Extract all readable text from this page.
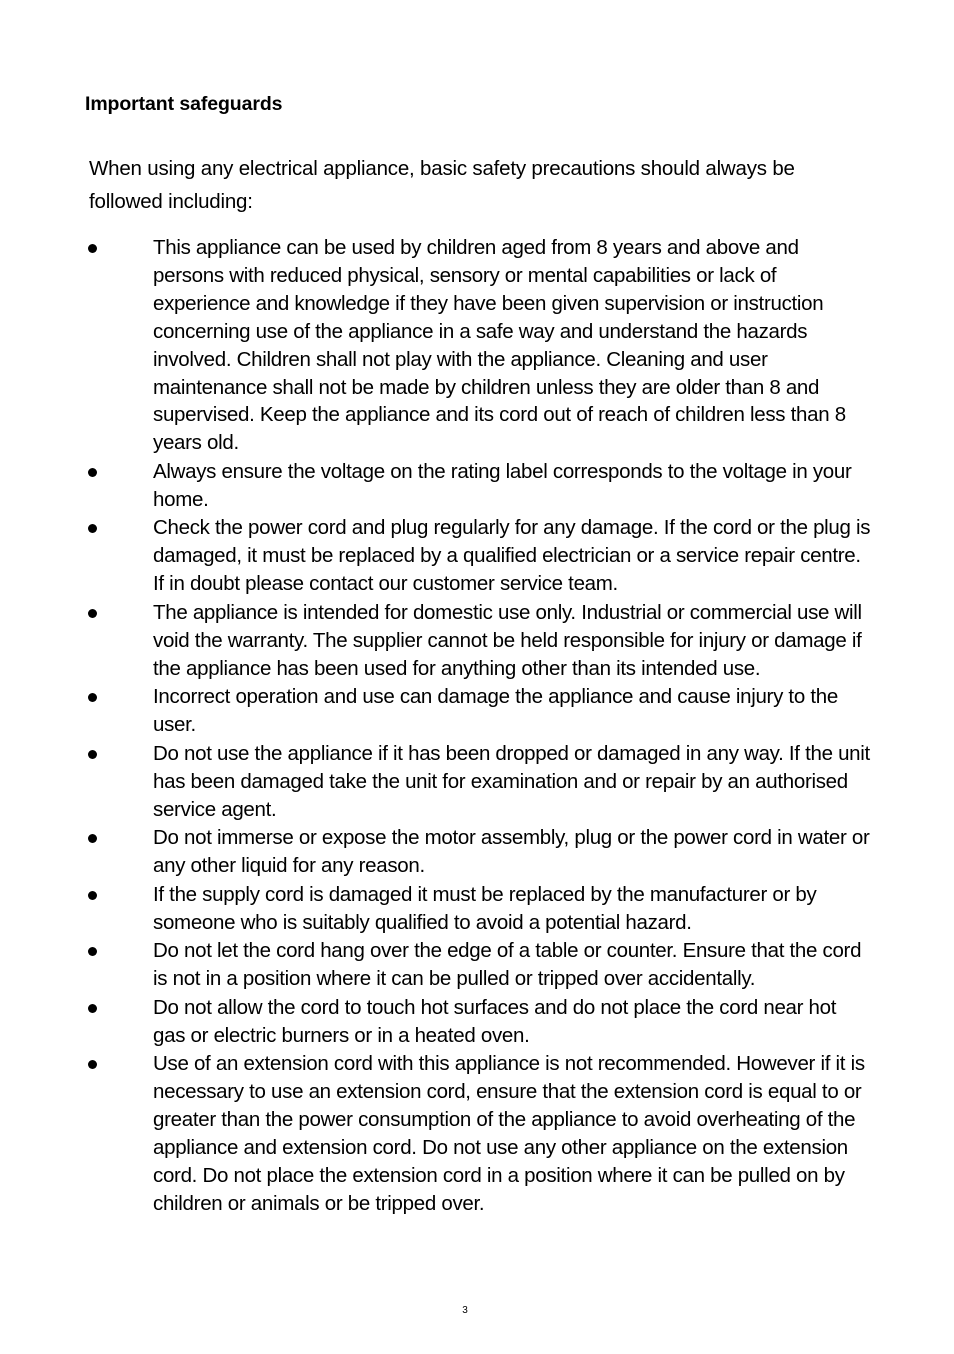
Important safeguards

When using any electrical appliance, basic safety precautions should always be followed including:

This appliance can be used by children aged from 8 years and above and persons with reduced physical, sensory or mental capabilities or lack of experience and knowledge if they have been given supervision or instruction concerning use of the appliance in a safe way and understand the hazards involved. Children shall not play with the appliance. Cleaning and user maintenance shall not be made by children unless they are older than 8 and supervised. Keep the appliance and its cord out of reach of children less than 8 years old.
Always ensure the voltage on the rating label corresponds to the voltage in your home.
Check the power cord and plug regularly for any damage. If the cord or the plug is damaged, it must be replaced by a qualified electrician or a service repair centre. If in doubt please contact our customer service team.
The appliance is intended for domestic use only. Industrial or commercial use will void the warranty. The supplier cannot be held responsible for injury or damage if the appliance has been used for anything other than its intended use.
Incorrect operation and use can damage the appliance and cause injury to the user.
Do not use the appliance if it has been dropped or damaged in any way. If the unit has been damaged take the unit for examination and or repair by an authorised service agent.
Do not immerse or expose the motor assembly, plug or the power cord in water or any other liquid for any reason.
If the supply cord is damaged it must be replaced by the manufacturer or by someone who is suitably qualified to avoid a potential hazard.
Do not let the cord hang over the edge of a table or counter. Ensure that the cord is not in a position where it can be pulled or tripped over accidentally.
Do not allow the cord to touch hot surfaces and do not place the cord near hot gas or electric burners or in a heated oven.
Use of an extension cord with this appliance is not recommended. However if it is necessary to use an extension cord, ensure that the extension cord is equal to or greater than the power consumption of the appliance to avoid overheating of the appliance and extension cord. Do not use any other appliance on the extension cord. Do not place the extension cord in a position where it can be pulled on by children or animals or be tripped over.
3
